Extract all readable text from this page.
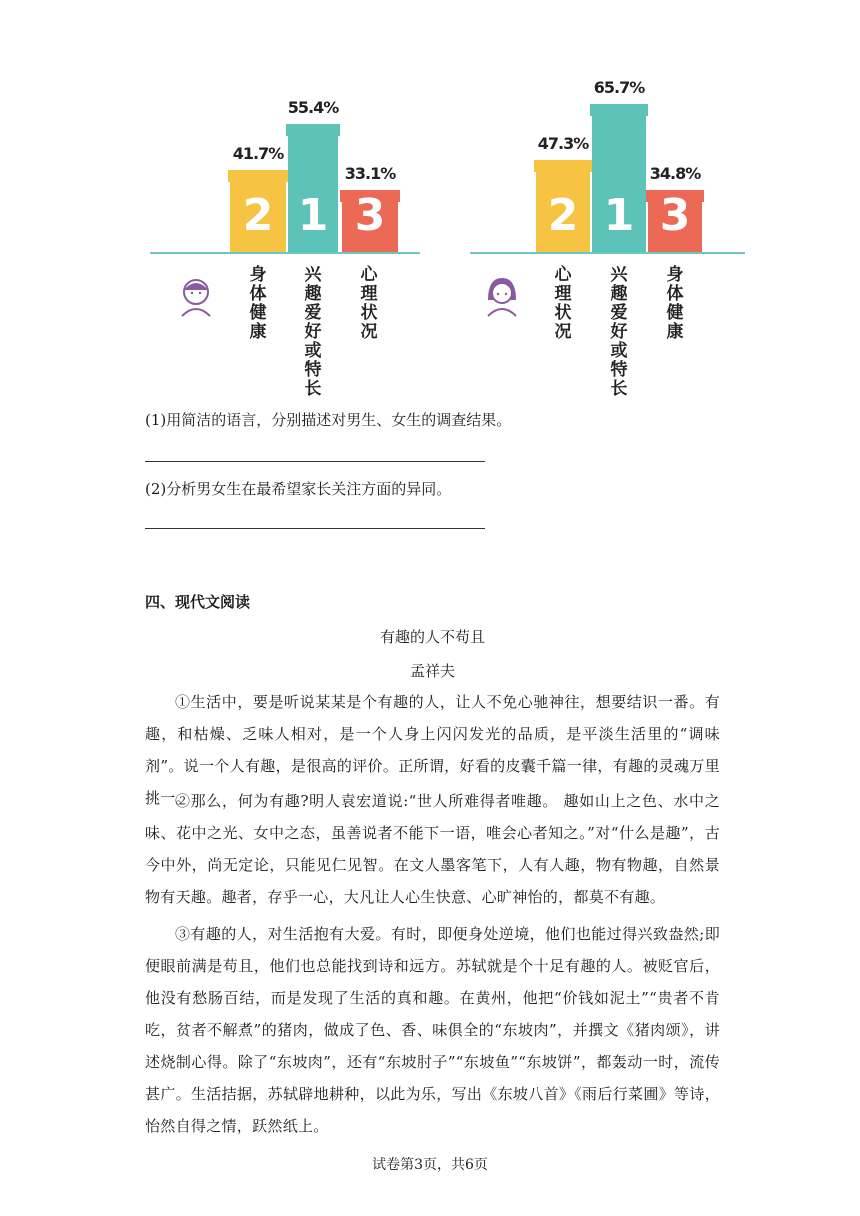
2
41.7%
1
55.4%
3
33.1%
身体健康
兴趣爱好或特长
心理状况
2
47.3%
1
65.7%
3
34.8%
心理状况
兴趣爱好或特长
身体健康
(1)用简洁的语言，分别描述对男生、女生的调查结果。
(2)分析男女生在最希望家长关注方面的异同。
四、现代文阅读
有趣的人不苟且
孟祥夫
①生活中，要是听说某某是个有趣的人，让人不免心驰神往，想要结识一番。有趣，和枯燥、乏味人相对，是一个人身上闪闪发光的品质，是平淡生活里的“调味剂”。说一个人有趣，是很高的评价。正所谓，好看的皮囊千篇一律，有趣的灵魂万里挑一。
②那么，何为有趣?明人袁宏道说:“世人所难得者唯趣。 趣如山上之色、水中之味、花中之光、女中之态，虽善说者不能下一语，唯会心者知之。”对“什么是趣”，古今中外，尚无定论，只能见仁见智。在文人墨客笔下，人有人趣，物有物趣，自然景物有天趣。趣者，存乎一心，大凡让人心生快意、心旷神怡的，都莫不有趣。
③有趣的人，对生活抱有大爱。有时，即便身处逆境，他们也能过得兴致盎然;即便眼前满是苟且，他们也总能找到诗和远方。苏轼就是个十足有趣的人。被贬官后，他没有愁肠百结，而是发现了生活的真和趣。在黄州，他把“价钱如泥土”“贵者不肯吃，贫者不解煮”的猪肉，做成了色、香、味俱全的“东坡肉”，并撰文《猪肉颂》，讲述烧制心得。除了“东坡肉”，还有“东坡肘子”“东坡鱼”“东坡饼”，都轰动一时，流传甚广。生活拮据，苏轼辟地耕种，以此为乐，写出《东坡八首》《雨后行菜圃》等诗，怡然自得之情，跃然纸上。
试卷第3页，共6页
